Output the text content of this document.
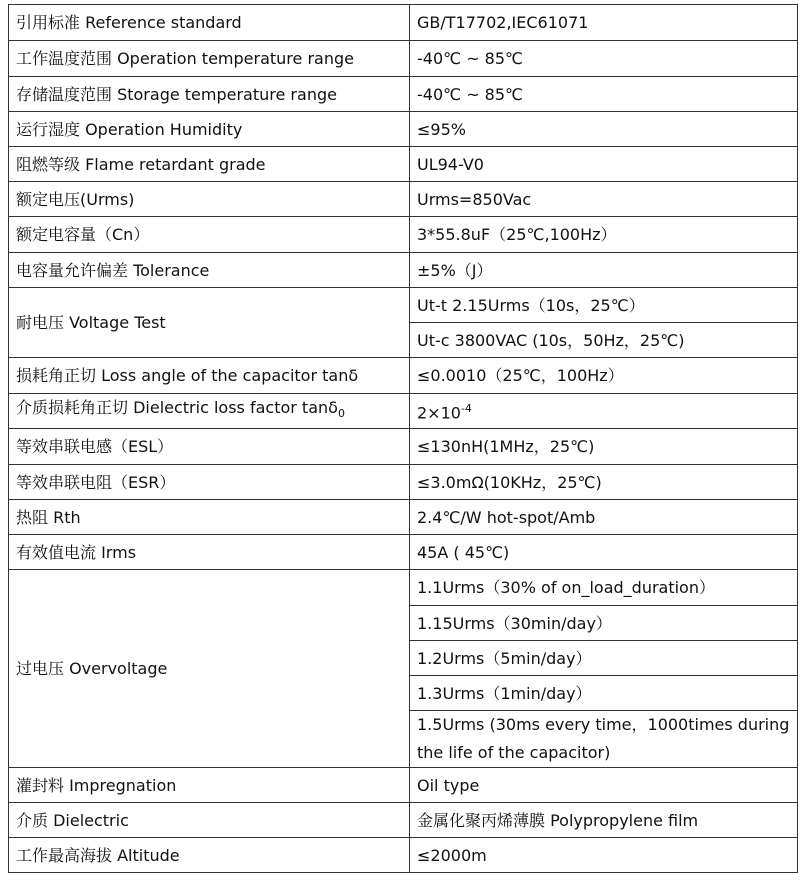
引用标准 Reference standard	GB/T17702,IEC61071
工作温度范围 Operation temperature range	-40℃ ~ 85℃
存储温度范围 Storage temperature range	-40℃ ~ 85℃
运行湿度 Operation Humidity	≤95%
阻燃等级 Flame retardant grade	UL94-V0
额定电压(Urms)	Urms=850Vac
额定电容量（Cn）	3*55.8uF（25℃,100Hz）
电容量允许偏差 Tolerance	±5%（J）
耐电压 Voltage Test	Ut-t 2.15Urms（10s，25℃）
	Ut-c 3800VAC (10s，50Hz，25℃)
损耗角正切 Loss angle of the capacitor tanδ	≤0.0010（25℃，100Hz）
介质损耗角正切 Dielectric loss factor tanδ$_0$	$2\times 10^{-4}$
等效串联电感（ESL）	≤130nH(1MHz，25℃)
等效串联电阻（ESR）	≤3.0mΩ(10KHz，25℃)
热阻 Rth	2.4℃/W hot-spot/Amb
有效值电流 Irms	45A ( 45℃)
过电压 Overvoltage	1.1Urms（30% of on_load_duration）
	1.15Urms（30min/day）
	1.2Urms（5min/day）
	1.3Urms（1min/day）
	1.5Urms (30ms every time，1000times during the life of the capacitor)
灌封料 Impregnation	Oil type
介质 Dielectric	金属化聚丙烯薄膜 Polypropylene film
工作最高海拔 Altitude	≤2000m
